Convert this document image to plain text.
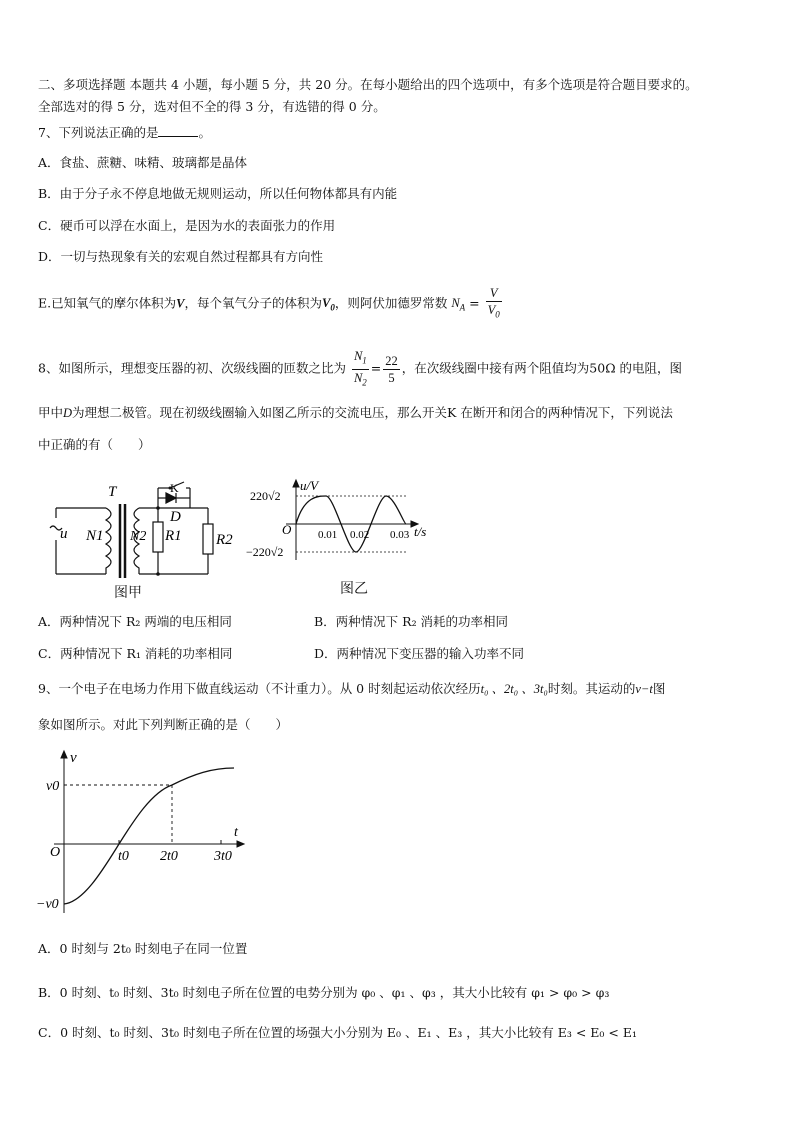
二、多项选择题 本题共 4 小题，每小题 5 分，共 20 分。在每小题给出的四个选项中，有多个选项是符合题目要求的。
全部选对的得 5 分，选对但不全的得 3 分，有选错的得 0 分。
7、下列说法正确的是	。
A．食盐、蔗糖、味精、玻璃都是晶体
B．由于分子永不停息地做无规则运动，所以任何物体都具有内能
C．硬币可以浮在水面上，是因为水的表面张力的作用
D．一切与热现象有关的宏观自然过程都具有方向性
E.已知氧气的摩尔体积为V，每个氧气分子的体积为$V_0$，则阿伏加德罗常数 $N_A = \frac{V}{V_0}$
8、如图所示，理想变压器的初、次级线圈的匝数之比为 $\frac{N_1}{N_2} = \frac{22}{5}$ ，在次级线圈中接有两个阻值均为50Ω 的电阻，图
甲中D为理想二极管。现在初级线圈输入如图乙所示的交流电压，那么开关K 在断开和闭合的两种情况下，下列说法
中正确的有（　　）
T	K
D
u N1 N2 R1 R2
图甲
220√2
−220√2
O
u/V
0.01 0.02 0.03 t/s
图乙
A．两种情况下 R₂ 两端的电压相同	B．两种情况下 R₂ 消耗的功率相同
C．两种情况下 R₁ 消耗的功率相同	D．两种情况下变压器的输入功率不同
9、一个电子在电场力作用下做直线运动（不计重力）。从 0 时刻起运动依次经历t₀ 、2t₀ 、3t₀时刻。其运动的v−t图
象如图所示。对此下列判断正确的是（　　）
v
v0
−v0
O
t
t0 2t0	3t0
A．0 时刻与 2t₀ 时刻电子在同一位置
B．0 时刻、t₀ 时刻、3t₀ 时刻电子所在位置的电势分别为 φ₀ 、φ₁ 、φ₃ ，其大小比较有 φ₁ > φ₀ > φ₃
C．0 时刻、t₀ 时刻、3t₀ 时刻电子所在位置的场强大小分别为 E₀ 、E₁ 、E₃ ，其大小比较有 E₃ < E₀ < E₁
